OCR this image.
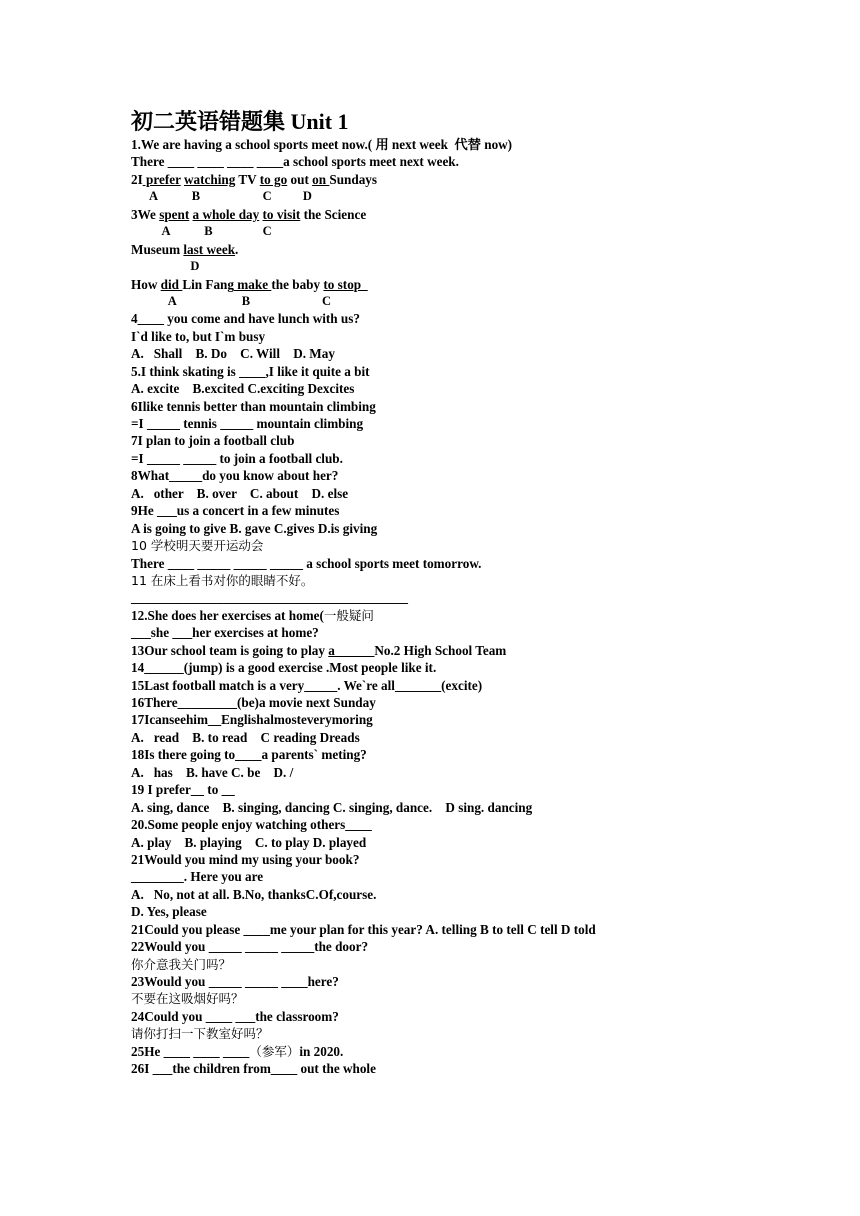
初二英语错题集 Unit 1
1.We are having a school sports meet now.( 用 next week  代替 now)
There ____ ____ ____ ____a school sports meet next week.
2I prefer watching TV to go out on Sundays
A           B                    C          D
3We spent a whole day to visit the Science
A           B                C
Museum last week.
D
How did Lin Fang make the baby to stop
A                     B                       C
4____ you come and have lunch with us?
I`d like to, but I`m busy
A.   Shall    B. Do    C. Will    D. May
5.I think skating is ____,I like it quite a bit
A. excite    B.excited C.exciting Dexcites
6Ilike tennis better than mountain climbing
=I _____ tennis _____ mountain climbing
7I plan to join a football club
=I _____ _____ to join a football club.
8What_____do you know about her?
A.   other    B. over    C. about    D. else
9He ___us a concert in a few minutes
A is going to give B. gave C.gives D.is giving
10 学校明天要开运动会
There ____ _____ _____ _____ a school sports meet tomorrow.
11 在床上看书对你的眼睛不好。
__________________________________________
12.She does her exercises at home(一般疑问
___she ___her exercises at home?
13Our school team is going to play a______No.2 High School Team
14______(jump) is a good exercise .Most people like it.
15Last football match is a very_____. We`re all_______(excite)
16There_________(be)a movie next Sunday
17Icanseehim__Englishalmosteverymoring
A.   read    B. to read    C reading Dreads
18Is there going to____a parents` meting?
A.   has    B. have C. be    D. /
19 I prefer__ to __
A. sing, dance    B. singing, dancing C. singing, dance.    D sing. dancing
20.Some people enjoy watching others____
A. play    B. playing    C. to play D. played
21Would you mind my using your book?
________. Here you are
A.   No, not at all. B.No, thanksC.Of,course.
D. Yes, please
21Could you please ____me your plan for this year? A. telling B to tell C tell D told
22Would you _____ _____ _____the door?
你介意我关门吗？
23Would you _____ _____ ____here?
不要在这吸烟好吗？
24Could you ____ ___the classroom?
请你打扫一下教室好吗？
25He ____ ____ ____（参军）in 2020.
26I ___the children from____ out the whole
